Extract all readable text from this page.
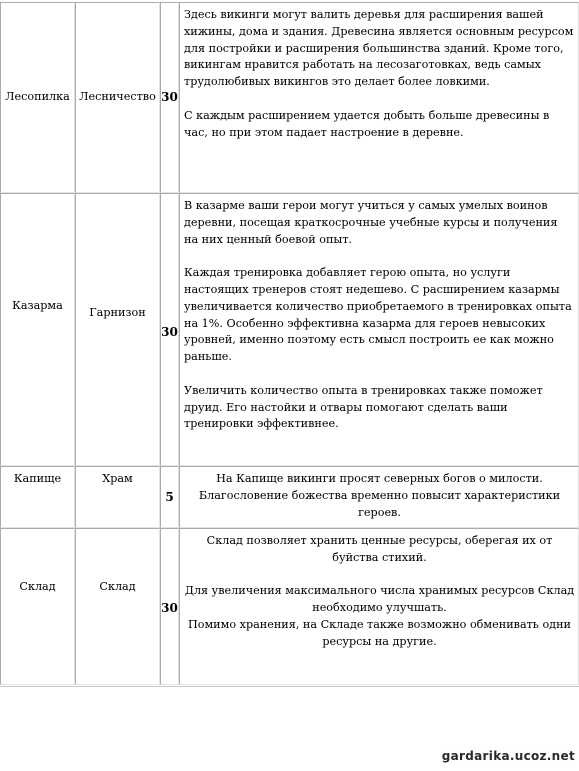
Лесопилка Лесничество 30

Здесь викинги могут валить деревья для расширения вашей хижины, дома и здания. Древесина является основным ресурсом для постройки и расширения большинства зданий. Кроме того, викингам нравится работать на лесозаготовках, ведь самых трудолюбивых викингов это делает более ловкими.

С каждым расширением удается добыть больше древесины в час, но при этом падает настроение в деревне.

Казарма
Гарнизон
30

В казарме ваши герои могут учиться у самых умелых воинов деревни, посещая краткосрочные учебные курсы и получения на них ценный боевой опыт.

Каждая тренировка добавляет герою опыта, но услуги настоящих тренеров стоят недешево. С расширением казармы увеличивается количество приобретаемого в тренировках опыта на 1%. Особенно эффективна казарма для героев невысоких уровней, именно поэтому есть смысл построить ее как можно раньше.

Увеличить количество опыта в тренировках также поможет друид. Его настойки и отвары помогают сделать ваши тренировки эффективнее.

Капище	Храм
5

На Капище викинги просят северных богов о милости. Благословение божества временно повысит характеристики героев.

Склад	Склад
30

Склад позволяет хранить ценные ресурсы, оберегая их от буйства стихий.

Для увеличения максимального числа хранимых ресурсов Склад необходимо улучшать.

Помимо хранения, на Складе также возможно обменивать одни ресурсы на другие.

gardarika.ucoz.net
